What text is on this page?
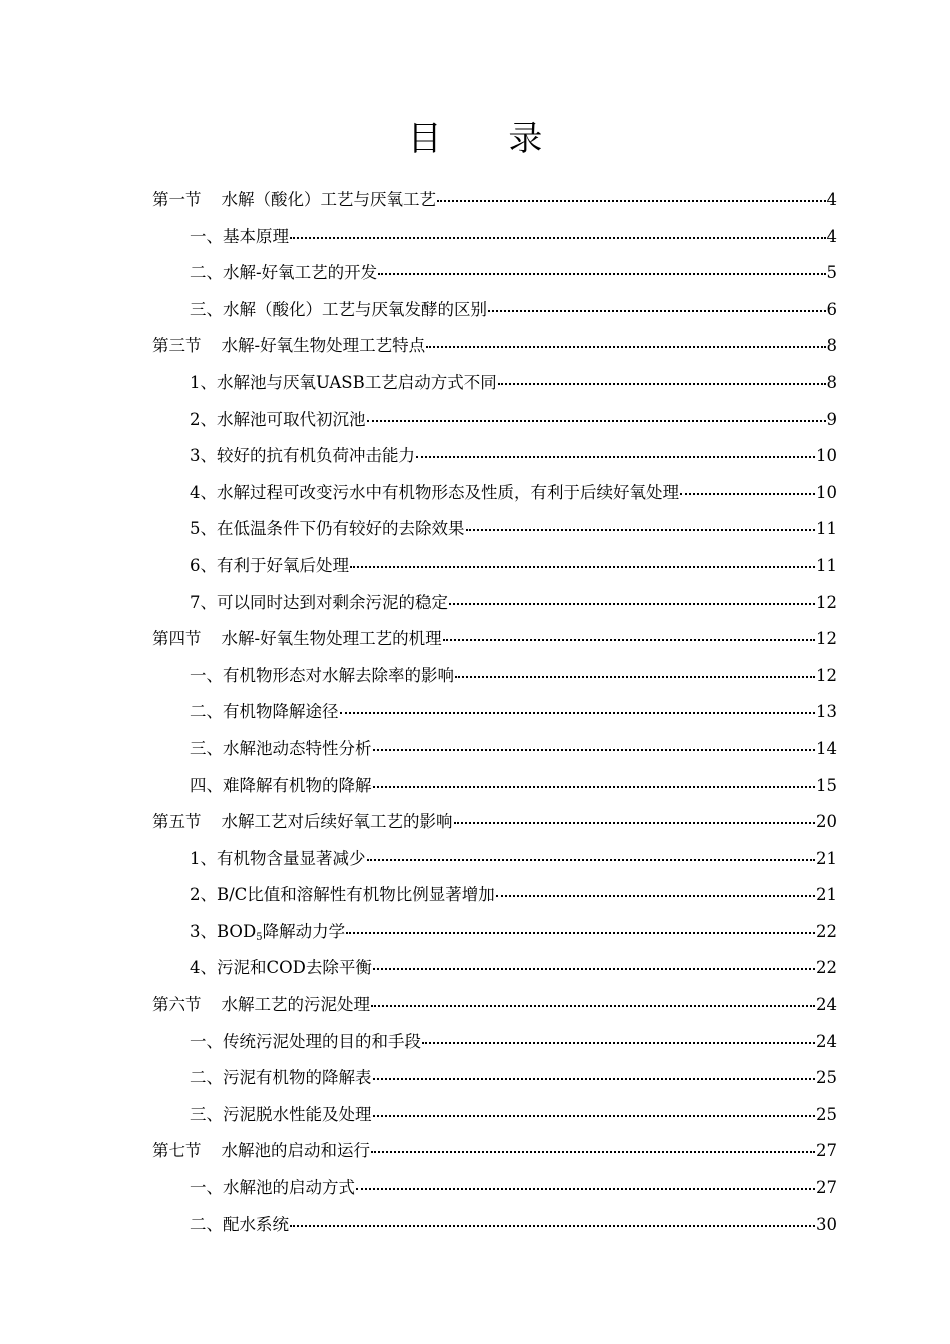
目 录
第一节 水解（酸化）工艺与厌氧工艺	4
一、基本原理	4
二、水解-好氧工艺的开发	5
三、水解（酸化）工艺与厌氧发酵的区别	6
第三节 水解-好氧生物处理工艺特点	8
1、水解池与厌氧UASB工艺启动方式不同	8
2、水解池可取代初沉池	9
3、较好的抗有机负荷冲击能力	10
4、水解过程可改变污水中有机物形态及性质，有利于后续好氧处理	10
5、在低温条件下仍有较好的去除效果	11
6、有利于好氧后处理	11
7、可以同时达到对剩余污泥的稳定	12
第四节 水解-好氧生物处理工艺的机理	12
一、有机物形态对水解去除率的影响	12
二、有机物降解途径	13
三、水解池动态特性分析	14
四、难降解有机物的降解	15
第五节 水解工艺对后续好氧工艺的影响	20
1、有机物含量显著减少	21
2、B/C比值和溶解性有机物比例显著增加	21
3、$BOD_5$降解动力学	22
4、污泥和COD去除平衡	22
第六节 水解工艺的污泥处理	24
一、传统污泥处理的目的和手段	24
二、污泥有机物的降解表	25
三、污泥脱水性能及处理	25
第七节 水解池的启动和运行	27
一、水解池的启动方式	27
二、配水系统	30
